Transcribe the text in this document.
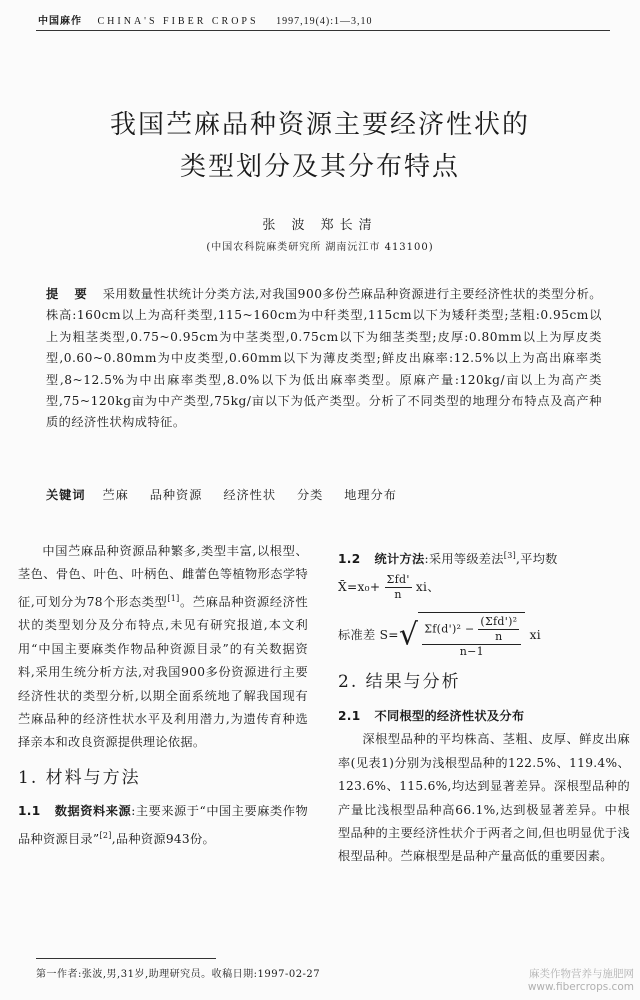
中国麻作 CHINA'S FIBER CROPS 1997,19(4):1—3,10
我国苎麻品种资源主要经济性状的
类型划分及其分布特点
张 波 郑长清
(中国农科院麻类研究所 湖南沅江市 413100)
提 要 采用数量性状统计分类方法,对我国900多份苎麻品种资源进行主要经济性状的类型分析。株高:160cm以上为高秆类型,115~160cm为中秆类型,115cm以下为矮秆类型;茎粗:0.95cm以上为粗茎类型,0.75~0.95cm为中茎类型,0.75cm以下为细茎类型;皮厚:0.80mm以上为厚皮类型,0.60~0.80mm为中皮类型,0.60mm以下为薄皮类型;鲜皮出麻率:12.5%以上为高出麻率类型,8~12.5%为中出麻率类型,8.0%以下为低出麻率类型。原麻产量:120kg/亩以上为高产类型,75~120kg亩为中产类型,75kg/亩以下为低产类型。分析了不同类型的地理分布特点及高产种质的经济性状构成特征。
关键词 苎麻 品种资源 经济性状 分类 地理分布

中国苎麻品种资源品种繁多,类型丰富,以根型、茎色、骨色、叶色、叶柄色、雌蕾色等植物形态学特征,可划分为78个形态类型[1]。苎麻品种资源经济性状的类型划分及分布特点,未见有研究报道,本文利用“中国主要麻类作物品种资源目录”的有关数据资料,采用生统分析方法,对我国900多份资源进行主要经济性状的类型分析,以期全面系统地了解我国现有苎麻品种的经济性状水平及利用潜力,为遗传育种选择亲本和改良资源提供理论依据。

1. 材料与方法

1.1 数据资料来源:主要来源于“中国主要麻类作物品种资源目录”[2],品种资源943份。

1.2 统计方法:采用等级差法[3],平均数

X̄=x₀+ $\frac{\text{Σfd'}}{n}$ xi、
标准差 $S=√ \frac{\Sigma f(d')^2 - \frac{\text{(Σfd')²}}{n}}{n-1}$ xi
2. 结果与分析

2.1 不同根型的经济性状及分布

深根型品种的平均株高、茎粗、皮厚、鲜皮出麻率(见表1)分别为浅根型品种的122.5%、119.4%、123.6%、115.6%,均达到显著差异。深根型品种的产量比浅根型品种高66.1%,达到极显著差异。中根型品种的主要经济性状介于两者之间,但也明显优于浅根型品种。苎麻根型是品种产量高低的重要因素。

第一作者:张波,男,31岁,助理研究员。收稿日期:1997-02-27	麻类作物营养与施肥网
www.fibercrops.com
